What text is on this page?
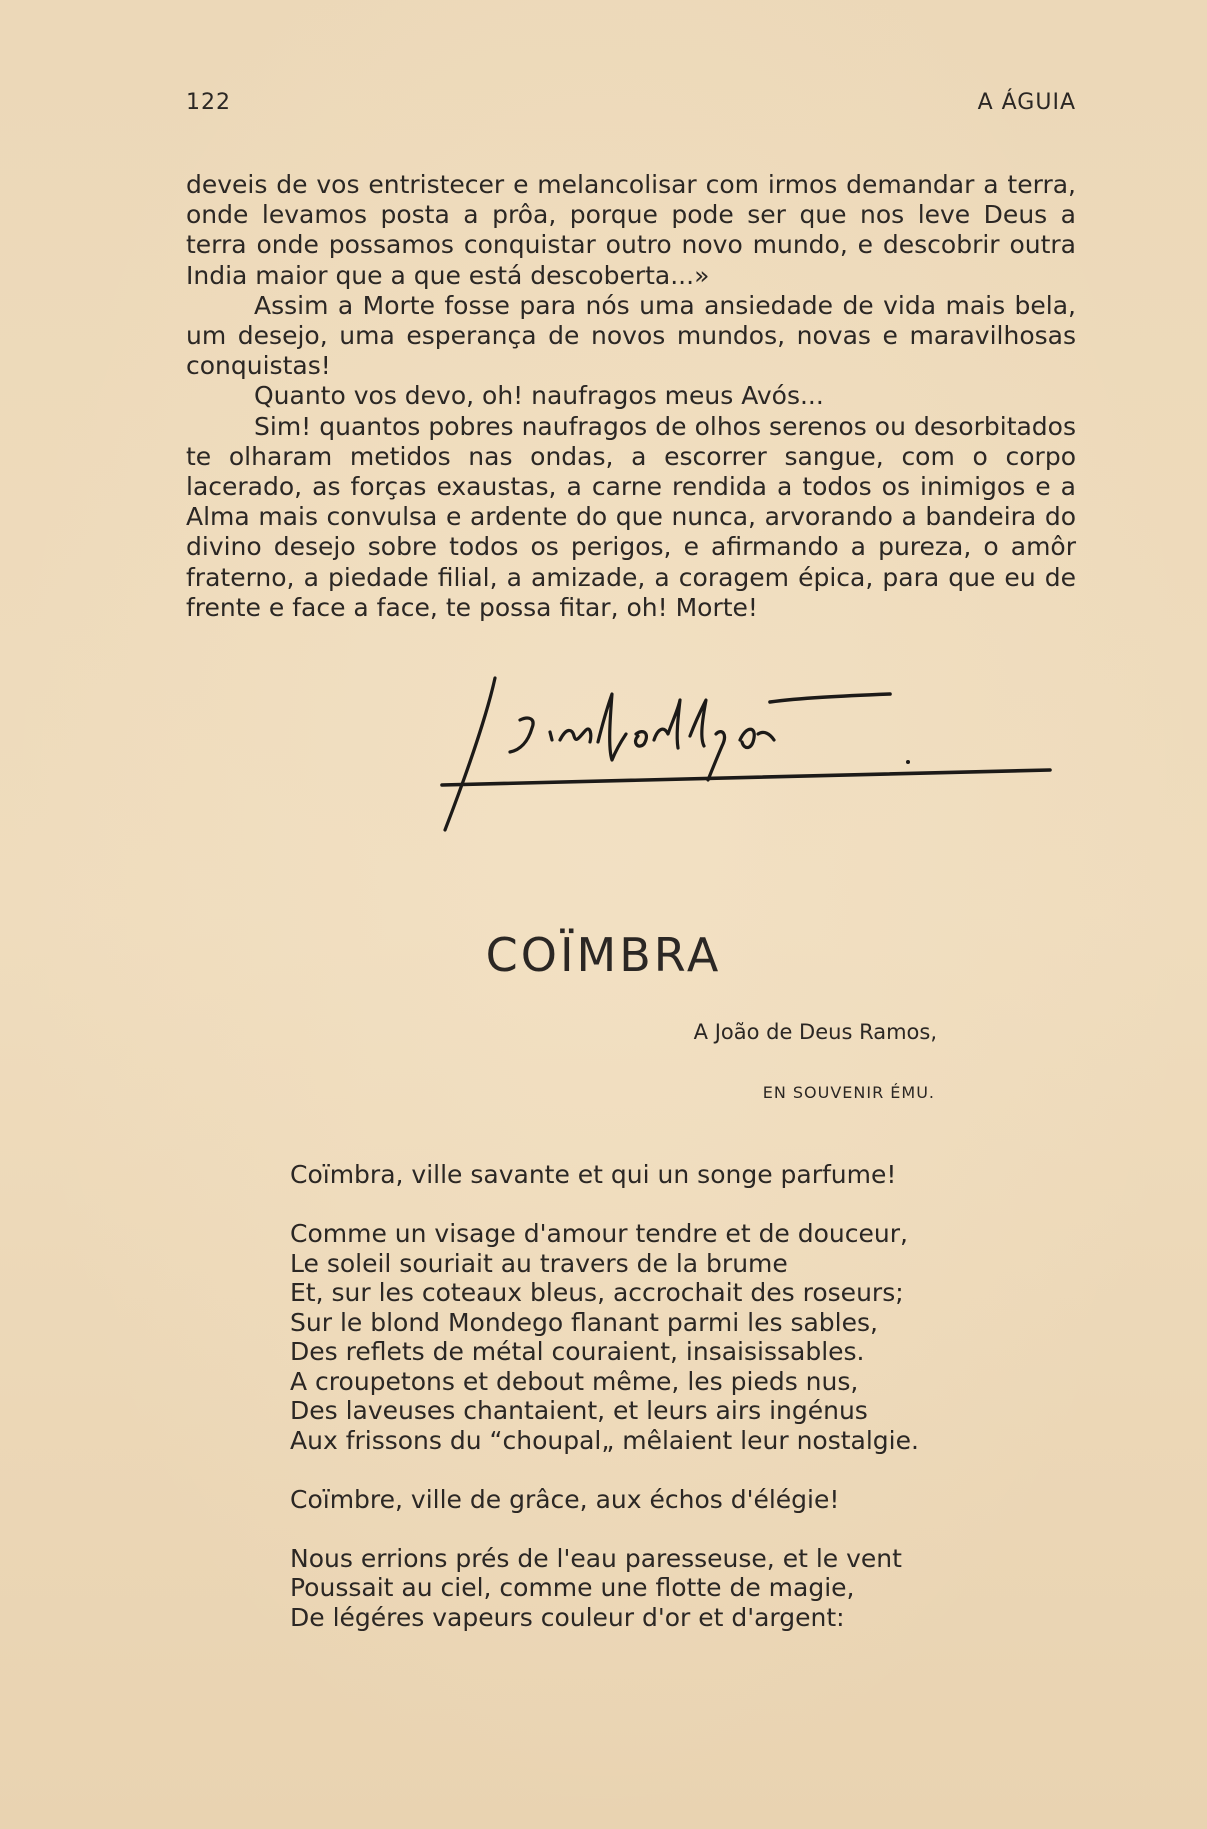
122	A ÁGUIA

deveis de vos entristecer e melancolisar com irmos demandar a terra, onde levamos posta a prôa, porque pode ser que nos leve Deus a terra onde possamos conquistar outro novo mundo, e descobrir outra India maior que a que está descoberta...»

Assim a Morte fosse para nós uma ansiedade de vida mais bela, um desejo, uma esperança de novos mundos, novas e maravilhosas conquistas!

Quanto vos devo, oh! naufragos meus Avós...

Sim! quantos pobres naufragos de olhos serenos ou desorbitados te olharam metidos nas ondas, a escorrer sangue, com o corpo lacerado, as forças exaustas, a carne rendida a todos os inimigos e a Alma mais convulsa e ardente do que nunca, arvorando a bandeira do divino desejo sobre todos os perigos, e afirmando a pureza, o amôr fraterno, a piedade filial, a amizade, a coragem épica, para que eu de frente e face a face, te possa fitar, oh! Morte!

COÏMBRA
A João de Deus Ramos,
EN SOUVENIR ÉMU.
Coïmbra, ville savante et qui un songe parfume!
Comme un visage d'amour tendre et de douceur,
Le soleil souriait au travers de la brume
Et, sur les coteaux bleus, accrochait des roseurs;
Sur le blond Mondego flanant parmi les sables,
Des reflets de métal couraient, insaisissables.
A croupetons et debout même, les pieds nus,
Des laveuses chantaient, et leurs airs ingénus
Aux frissons du “choupal„ mêlaient leur nostalgie.
Coïmbre, ville de grâce, aux échos d'élégie!
Nous errions prés de l'eau paresseuse, et le vent
Poussait au ciel, comme une flotte de magie,
De légéres vapeurs couleur d'or et d'argent:
